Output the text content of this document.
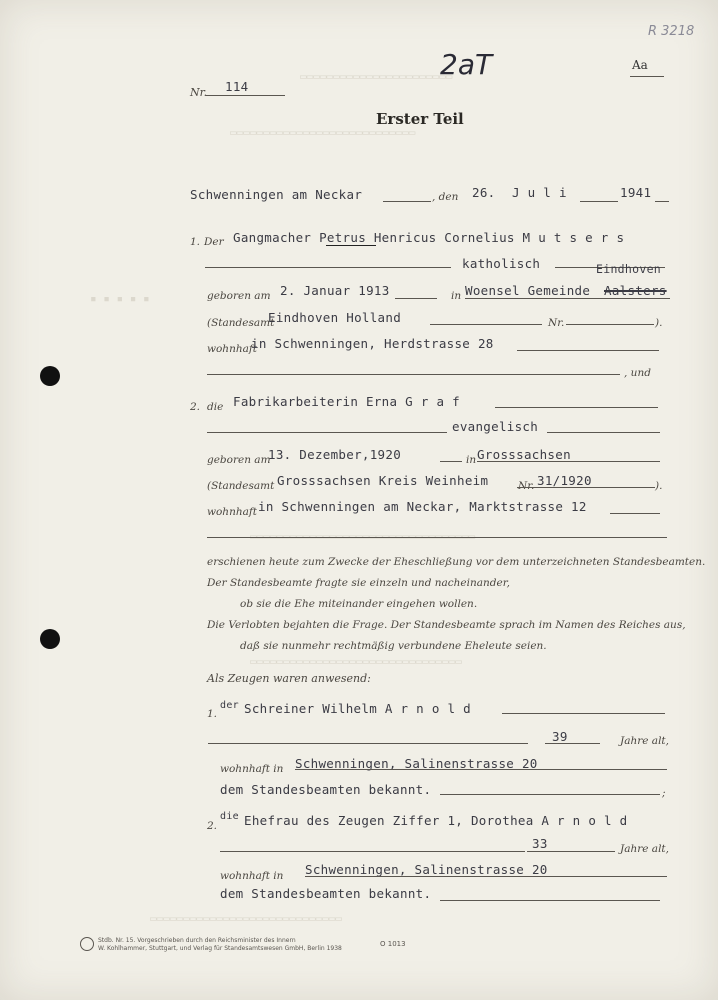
▭▭▭▭▭▭▭▭▭▭▭▭▭▭▭▭▭▭▭▭▭▭▭
▭▭▭▭▭▭▭▭▭▭▭▭▭▭▭▭▭▭▭▭▭▭▭▭▭▭▭▭
▪ ▪ ▪ ▪ ▪
▭▭▭▭▭▭▭▭▭▭▭▭▭▭▭▭▭▭▭▭▭▭▭▭▭▭▭▭▭▭▭▭▭▭
▭▭▭▭▭▭▭▭▭▭▭▭▭▭▭▭▭▭▭▭▭▭▭▭▭▭▭▭▭▭▭▭
▭▭▭▭▭▭▭▭▭▭▭▭▭▭▭▭▭▭▭▭▭▭▭▭▭▭▭▭▭
Nr. 114
2aT
R 3218
Aa
Erster Teil
Schwenningen am Neckar	, den 26. J u l i	1941
1. Der Gangmacher Petrus Henricus Cornelius M u t s e r s
katholisch	Eindhoven
geboren am 2. Januar 1913	in Woensel Gemeinde Aalsters
(Standesamt
Eindhoven Holland	Nr.	).
wohnhaft
in Schwenningen, Herdstrasse 28
, und
2. die Fabrikarbeiterin Erna G r a f
evangelisch
geboren am
13. Dezember,1920	in Grosssachsen
(Standesamt Grosssachsen Kreis Weinheim	Nr. 31/1920	).
wohnhaft in Schwenningen am Neckar, Marktstrasse 12
erschienen heute zum Zwecke der Eheschließung vor dem unterzeichneten Standesbeamten.
Der Standesbeamte fragte sie einzeln und nacheinander,
ob sie die Ehe miteinander eingehen wollen.
Die Verlobten bejahten die Frage. Der Standesbeamte sprach im Namen des Reiches aus,
daß sie nunmehr rechtmäßig verbundene Eheleute seien.
Als Zeugen waren anwesend:
1.
der Schreiner Wilhelm A r n o l d
39	Jahre alt,
wohnhaft in Schwenningen, Salinenstrasse 20
dem Standesbeamten bekannt.	;
2.
die Ehefrau des Zeugen Ziffer 1, Dorothea A r n o l d
33	Jahre alt,
wohnhaft in Schwenningen, Salinenstrasse 20
dem Standesbeamten bekannt.
Stdb. Nr. 15. Vorgeschrieben durch den Reichsminister des Innern
W. Kohlhammer, Stuttgart, und Verlag für Standesamtswesen GmbH, Berlin 1938
O 1013
